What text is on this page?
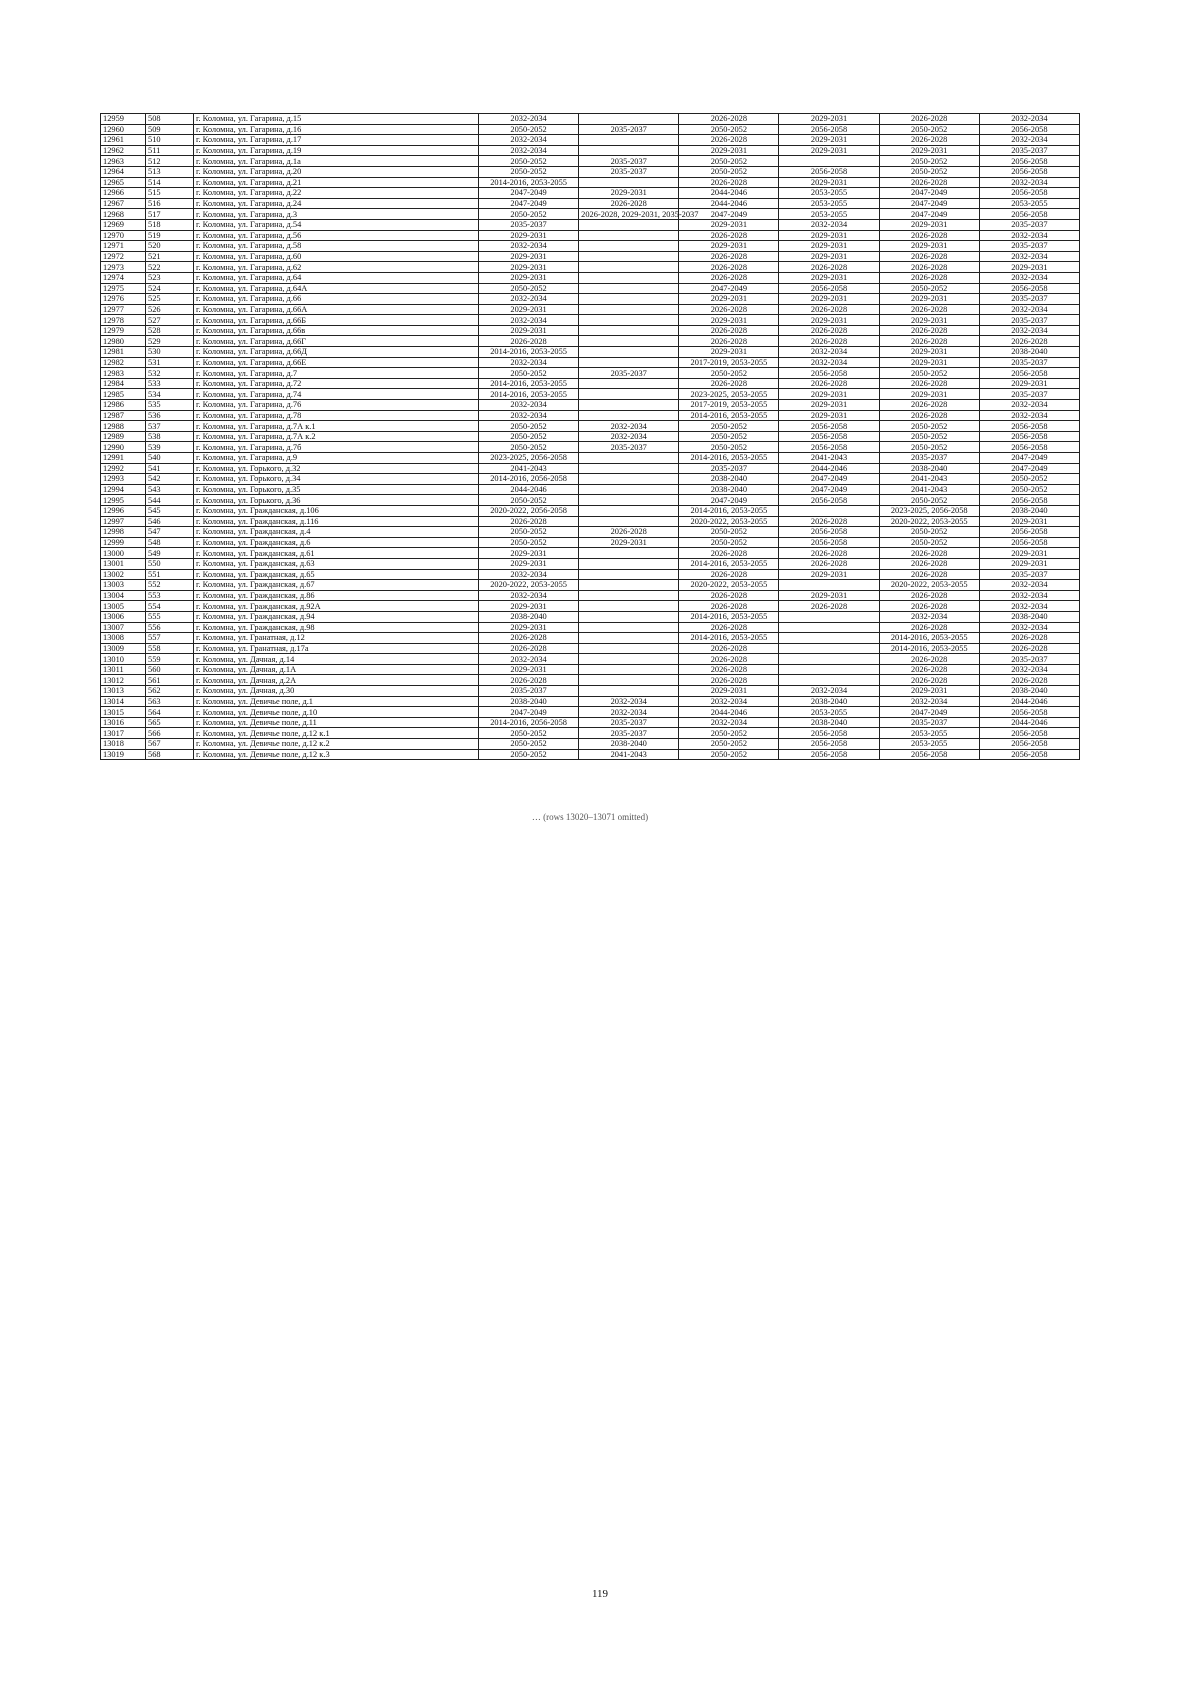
12959	508	г. Коломна, ул. Гагарина, д.15	2032-2034		2026-2028	2029-2031	2026-2028	2032-2034
12960	509	г. Коломна, ул. Гагарина, д.16	2050-2052	2035-2037	2050-2052	2056-2058	2050-2052	2056-2058
12961	510	г. Коломна, ул. Гагарина, д.17	2032-2034		2026-2028	2029-2031	2026-2028	2032-2034
12962	511	г. Коломна, ул. Гагарина, д.19	2032-2034		2029-2031	2029-2031	2029-2031	2035-2037
12963	512	г. Коломна, ул. Гагарина, д.1а	2050-2052	2035-2037	2050-2052		2050-2052	2056-2058
12964	513	г. Коломна, ул. Гагарина, д.20	2050-2052	2035-2037	2050-2052	2056-2058	2050-2052	2056-2058
12965	514	г. Коломна, ул. Гагарина, д.21	2014-2016, 2053-2055		2026-2028	2029-2031	2026-2028	2032-2034
12966	515	г. Коломна, ул. Гагарина, д.22	2047-2049	2029-2031	2044-2046	2053-2055	2047-2049	2056-2058
12967	516	г. Коломна, ул. Гагарина, д.24	2047-2049	2026-2028	2044-2046	2053-2055	2047-2049	2053-2055
12968	517	г. Коломна, ул. Гагарина, д.3	2050-2052	2026-2028, 2029-2031, 2035-2037	2047-2049	2053-2055	2047-2049	2056-2058
12969	518	г. Коломна, ул. Гагарина, д.54	2035-2037		2029-2031	2032-2034	2029-2031	2035-2037
12970	519	г. Коломна, ул. Гагарина, д.56	2029-2031		2026-2028	2029-2031	2026-2028	2032-2034
12971	520	г. Коломна, ул. Гагарина, д.58	2032-2034		2029-2031	2029-2031	2029-2031	2035-2037
12972	521	г. Коломна, ул. Гагарина, д.60	2029-2031		2026-2028	2029-2031	2026-2028	2032-2034
12973	522	г. Коломна, ул. Гагарина, д.62	2029-2031		2026-2028	2026-2028	2026-2028	2029-2031
12974	523	г. Коломна, ул. Гагарина, д.64	2029-2031		2026-2028	2029-2031	2026-2028	2032-2034
12975	524	г. Коломна, ул. Гагарина, д.64А	2050-2052		2047-2049	2056-2058	2050-2052	2056-2058
12976	525	г. Коломна, ул. Гагарина, д.66	2032-2034		2029-2031	2029-2031	2029-2031	2035-2037
12977	526	г. Коломна, ул. Гагарина, д.66А	2029-2031		2026-2028	2026-2028	2026-2028	2032-2034
12978	527	г. Коломна, ул. Гагарина, д.66Б	2032-2034		2029-2031	2029-2031	2029-2031	2035-2037
12979	528	г. Коломна, ул. Гагарина, д.66в	2029-2031		2026-2028	2026-2028	2026-2028	2032-2034
12980	529	г. Коломна, ул. Гагарина, д.66Г	2026-2028		2026-2028	2026-2028	2026-2028	2026-2028
12981	530	г. Коломна, ул. Гагарина, д.66Д	2014-2016, 2053-2055		2029-2031	2032-2034	2029-2031	2038-2040
12982	531	г. Коломна, ул. Гагарина, д.66Е	2032-2034		2017-2019, 2053-2055	2032-2034	2029-2031	2035-2037
12983	532	г. Коломна, ул. Гагарина, д.7	2050-2052	2035-2037	2050-2052	2056-2058	2050-2052	2056-2058
12984	533	г. Коломна, ул. Гагарина, д.72	2014-2016, 2053-2055		2026-2028	2026-2028	2026-2028	2029-2031
12985	534	г. Коломна, ул. Гагарина, д.74	2014-2016, 2053-2055		2023-2025, 2053-2055	2029-2031	2029-2031	2035-2037
12986	535	г. Коломна, ул. Гагарина, д.76	2032-2034		2017-2019, 2053-2055	2029-2031	2026-2028	2032-2034
12987	536	г. Коломна, ул. Гагарина, д.78	2032-2034		2014-2016, 2053-2055	2029-2031	2026-2028	2032-2034
12988	537	г. Коломна, ул. Гагарина, д.7А к.1	2050-2052	2032-2034	2050-2052	2056-2058	2050-2052	2056-2058
12989	538	г. Коломна, ул. Гагарина, д.7А к.2	2050-2052	2032-2034	2050-2052	2056-2058	2050-2052	2056-2058
12990	539	г. Коломна, ул. Гагарина, д.7б	2050-2052	2035-2037	2050-2052	2056-2058	2050-2052	2056-2058
12991	540	г. Коломна, ул. Гагарина, д.9	2023-2025, 2056-2058		2014-2016, 2053-2055	2041-2043	2035-2037	2047-2049
12992	541	г. Коломна, ул. Горького, д.32	2041-2043		2035-2037	2044-2046	2038-2040	2047-2049
12993	542	г. Коломна, ул. Горького, д.34	2014-2016, 2056-2058		2038-2040	2047-2049	2041-2043	2050-2052
12994	543	г. Коломна, ул. Горького, д.35	2044-2046		2038-2040	2047-2049	2041-2043	2050-2052
12995	544	г. Коломна, ул. Горького, д.36	2050-2052		2047-2049	2056-2058	2050-2052	2056-2058
12996	545	г. Коломна, ул. Гражданская, д.106	2020-2022, 2056-2058		2014-2016, 2053-2055		2023-2025, 2056-2058	2038-2040
12997	546	г. Коломна, ул. Гражданская, д.116	2026-2028		2020-2022, 2053-2055	2026-2028	2020-2022, 2053-2055	2029-2031
12998	547	г. Коломна, ул. Гражданская, д.4	2050-2052	2026-2028	2050-2052	2056-2058	2050-2052	2056-2058
12999	548	г. Коломна, ул. Гражданская, д.6	2050-2052	2029-2031	2050-2052	2056-2058	2050-2052	2056-2058
13000	549	г. Коломна, ул. Гражданская, д.61	2029-2031		2026-2028	2026-2028	2026-2028	2029-2031
13001	550	г. Коломна, ул. Гражданская, д.63	2029-2031		2014-2016, 2053-2055	2026-2028	2026-2028	2029-2031
13002	551	г. Коломна, ул. Гражданская, д.65	2032-2034		2026-2028	2029-2031	2026-2028	2035-2037
13003	552	г. Коломна, ул. Гражданская, д.67	2020-2022, 2053-2055		2020-2022, 2053-2055		2020-2022, 2053-2055	2032-2034
13004	553	г. Коломна, ул. Гражданская, д.86	2032-2034		2026-2028	2029-2031	2026-2028	2032-2034
13005	554	г. Коломна, ул. Гражданская, д.92А	2029-2031		2026-2028	2026-2028	2026-2028	2032-2034
13006	555	г. Коломна, ул. Гражданская, д.94	2038-2040		2014-2016, 2053-2055		2032-2034	2038-2040
13007	556	г. Коломна, ул. Гражданская, д.98	2029-2031		2026-2028		2026-2028	2032-2034
13008	557	г. Коломна, ул. Гранатная, д.12	2026-2028		2014-2016, 2053-2055		2014-2016, 2053-2055	2026-2028
13009	558	г. Коломна, ул. Гранатная, д.17а	2026-2028		2026-2028		2014-2016, 2053-2055	2026-2028
13010	559	г. Коломна, ул. Дачная, д.14	2032-2034		2026-2028		2026-2028	2035-2037
13011	560	г. Коломна, ул. Дачная, д.1А	2029-2031		2026-2028		2026-2028	2032-2034
13012	561	г. Коломна, ул. Дачная, д.2А	2026-2028		2026-2028		2026-2028	2026-2028
13013	562	г. Коломна, ул. Дачная, д.30	2035-2037		2029-2031	2032-2034	2029-2031	2038-2040
13014	563	г. Коломна, ул. Девичье поле, д.1	2038-2040	2032-2034	2032-2034	2038-2040	2032-2034	2044-2046
13015	564	г. Коломна, ул. Девичье поле, д.10	2047-2049	2032-2034	2044-2046	2053-2055	2047-2049	2056-2058
13016	565	г. Коломна, ул. Девичье поле, д.11	2014-2016, 2056-2058	2035-2037	2032-2034	2038-2040	2035-2037	2044-2046
13017	566	г. Коломна, ул. Девичье поле, д.12 к.1	2050-2052	2035-2037	2050-2052	2056-2058	2053-2055	2056-2058
13018	567	г. Коломна, ул. Девичье поле, д.12 к.2	2050-2052	2038-2040	2050-2052	2056-2058	2053-2055	2056-2058
13019	568	г. Коломна, ул. Девичье поле, д.12 к.3	2050-2052	2041-2043	2050-2052	2056-2058	2056-2058	2056-2058
… (rows 13020–13071 omitted)
119
